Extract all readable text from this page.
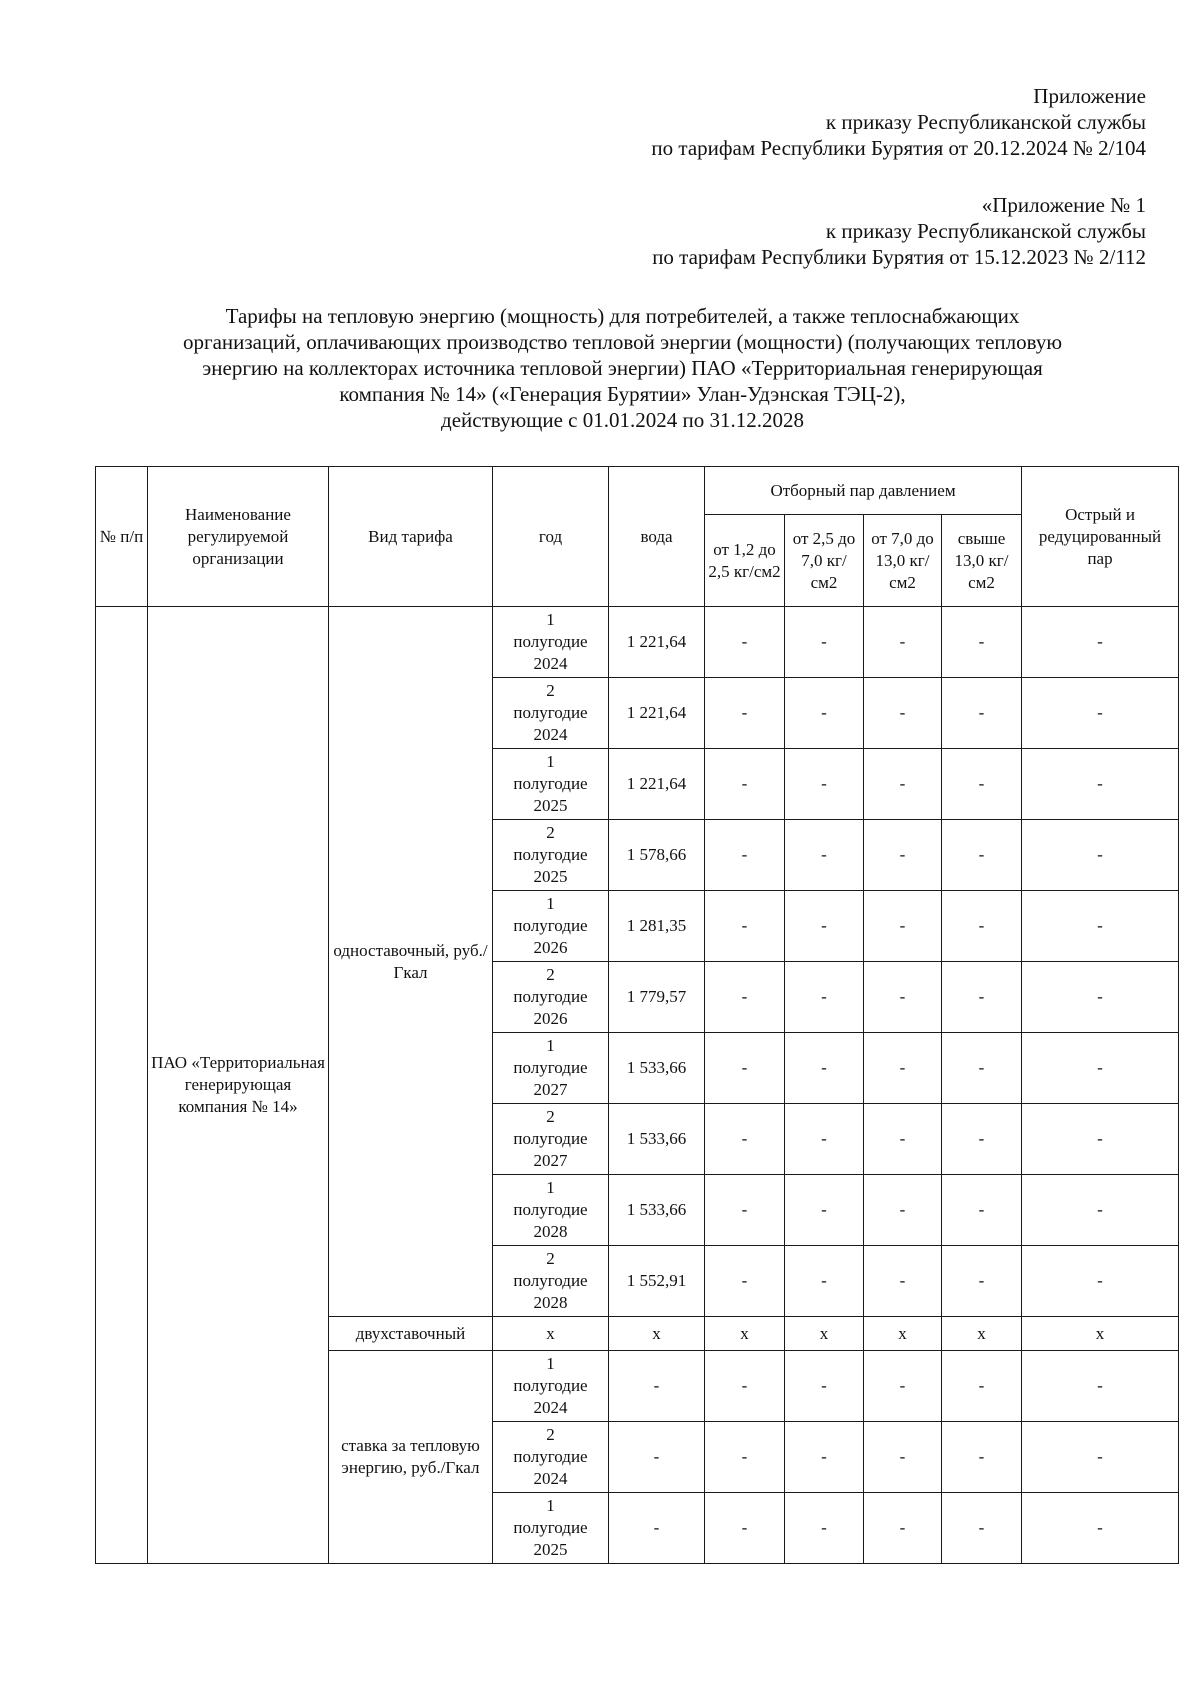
Приложение
к приказу Республиканской службы
по тарифам Республики Бурятия от 20.12.2024 № 2/104
«Приложение № 1
к приказу Республиканской службы
по тарифам Республики Бурятия от 15.12.2023 № 2/112
Тарифы на тепловую энергию (мощность) для потребителей, а также теплоснабжающих
организаций, оплачивающих производство тепловой энергии (мощности) (получающих тепловую
энергию на коллекторах источника тепловой энергии) ПАО «Территориальная генерирующая
компания № 14» («Генерация Бурятии» Улан-Удэнская ТЭЦ-2),
действующие с 01.01.2024 по 31.12.2028
№ п/п	Наименование регулируемой организации	Вид тарифа	год	вода	Отборный пар давлением				Острый и редуцированный пар
					от 1,2 до 2,5 кг/см2	от 2,5 до 7,0 кг/см2	от 7,0 до 13,0 кг/см2	свыше 13,0 кг/см2	
	ПАО «Территориальная генерирующая компания № 14»	одноставочный, руб./Гкал	1
полугодие
2024	1 221,64	-	-	-	-	-

			2
полугодие
2024	1 221,64	-	-	-	-	-

			1
полугодие
2025	1 221,64	-	-	-	-	-

			2
полугодие
2025	1 578,66	-	-	-	-	-

			1
полугодие
2026	1 281,35	-	-	-	-	-

			2
полугодие
2026	1 779,57	-	-	-	-	-

			1
полугодие
2027	1 533,66	-	-	-	-	-

			2
полугодие
2027	1 533,66	-	-	-	-	-

			1
полугодие
2028	1 533,66	-	-	-	-	-

			2
полугодие
2028	1 552,91	-	-	-	-	-
		двухставочный	х	х	х	х	х	х	х
		ставка за тепловую энергию, руб./Гкал	1
полугодие
2024	-	-	-	-	-	-

			2
полугодие
2024	-	-	-	-	-	-

			1
полугодие
2025	-	-	-	-	-	-
